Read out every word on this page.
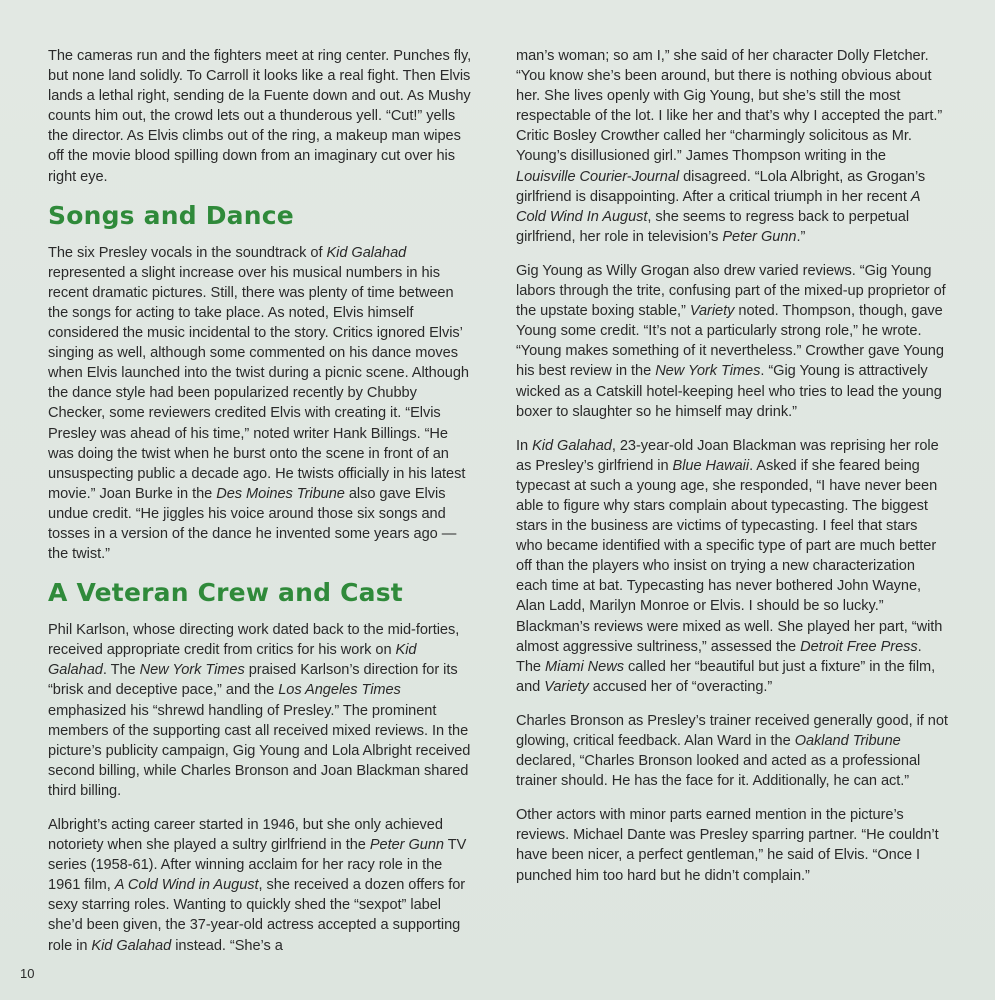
The cameras run and the fighters meet at ring center. Punches fly, but none land solidly. To Carroll it looks like a real fight. Then Elvis lands a lethal right, sending de la Fuente down and out. As Mushy counts him out, the crowd lets out a thunderous yell. “Cut!” yells the director. As Elvis climbs out of the ring, a makeup man wipes off the movie blood spilling down from an imaginary cut over his right eye.

Songs and Dance

The six Presley vocals in the soundtrack of Kid Galahad represented a slight increase over his musical numbers in his recent dramatic pictures. Still, there was plenty of time between the songs for acting to take place. As noted, Elvis himself considered the music incidental to the story. Critics ignored Elvis’ singing as well, although some commented on his dance moves when Elvis launched into the twist during a picnic scene. Although the dance style had been popularized recently by Chubby Checker, some reviewers credited Elvis with creating it. “Elvis Presley was ahead of his time,” noted writer Hank Billings. “He was doing the twist when he burst onto the scene in front of an unsuspecting public a decade ago. He twists officially in his latest movie.” Joan Burke in the Des Moines Tribune also gave Elvis undue credit. “He jiggles his voice around those six songs and tosses in a version of the dance he invented some years ago — the twist.”

A Veteran Crew and Cast

Phil Karlson, whose directing work dated back to the mid-forties, received appropriate credit from critics for his work on Kid Galahad. The New York Times praised Karlson’s direction for its “brisk and deceptive pace,” and the Los Angeles Times emphasized his “shrewd handling of Presley.” The prominent members of the supporting cast all received mixed reviews. In the picture’s publicity campaign, Gig Young and Lola Albright received second billing, while Charles Bronson and Joan Blackman shared third billing.

Albright’s acting career started in 1946, but she only achieved notoriety when she played a sultry girlfriend in the Peter Gunn TV series (1958-61). After winning acclaim for her racy role in the 1961 film, A Cold Wind in August, she received a dozen offers for sexy starring roles. Wanting to quickly shed the “sexpot” label she’d been given, the 37-year-old actress accepted a supporting role in Kid Galahad instead. “She’s a

man’s woman; so am I,” she said of her character Dolly Fletcher. “You know she’s been around, but there is nothing obvious about her. She lives openly with Gig Young, but she’s still the most respectable of the lot. I like her and that’s why I accepted the part.” Critic Bosley Crowther called her “charmingly solicitous as Mr. Young’s disillusioned girl.” James Thompson writing in the Louisville Courier-Journal disagreed. “Lola Albright, as Grogan’s girlfriend is disappointing. After a critical triumph in her recent A Cold Wind In August, she seems to regress back to perpetual girlfriend, her role in television’s Peter Gunn.”

Gig Young as Willy Grogan also drew varied reviews. “Gig Young labors through the trite, confusing part of the mixed-up proprietor of the upstate boxing stable,” Variety noted. Thompson, though, gave Young some credit. “It’s not a particularly strong role,” he wrote. “Young makes something of it nevertheless.” Crowther gave Young his best review in the New York Times. “Gig Young is attractively wicked as a Catskill hotel-keeping heel who tries to lead the young boxer to slaughter so he himself may drink.”

In Kid Galahad, 23-year-old Joan Blackman was reprising her role as Presley’s girlfriend in Blue Hawaii. Asked if she feared being typecast at such a young age, she responded, “I have never been able to figure why stars complain about typecasting. The biggest stars in the business are victims of typecasting. I feel that stars who became identified with a specific type of part are much better off than the players who insist on trying a new characterization each time at bat. Typecasting has never bothered John Wayne, Alan Ladd, Marilyn Monroe or Elvis. I should be so lucky.” Blackman’s reviews were mixed as well. She played her part, “with almost aggressive sultriness,” assessed the Detroit Free Press. The Miami News called her “beautiful but just a fixture” in the film, and Variety accused her of “overacting.”

Charles Bronson as Presley’s trainer received generally good, if not glowing, critical feedback. Alan Ward in the Oakland Tribune declared, “Charles Bronson looked and acted as a professional trainer should. He has the face for it. Additionally, he can act.”

Other actors with minor parts earned mention in the picture’s reviews. Michael Dante was Presley sparring partner. “He couldn’t have been nicer, a perfect gentleman,” he said of Elvis. “Once I punched him too hard but he didn’t complain.”

10
